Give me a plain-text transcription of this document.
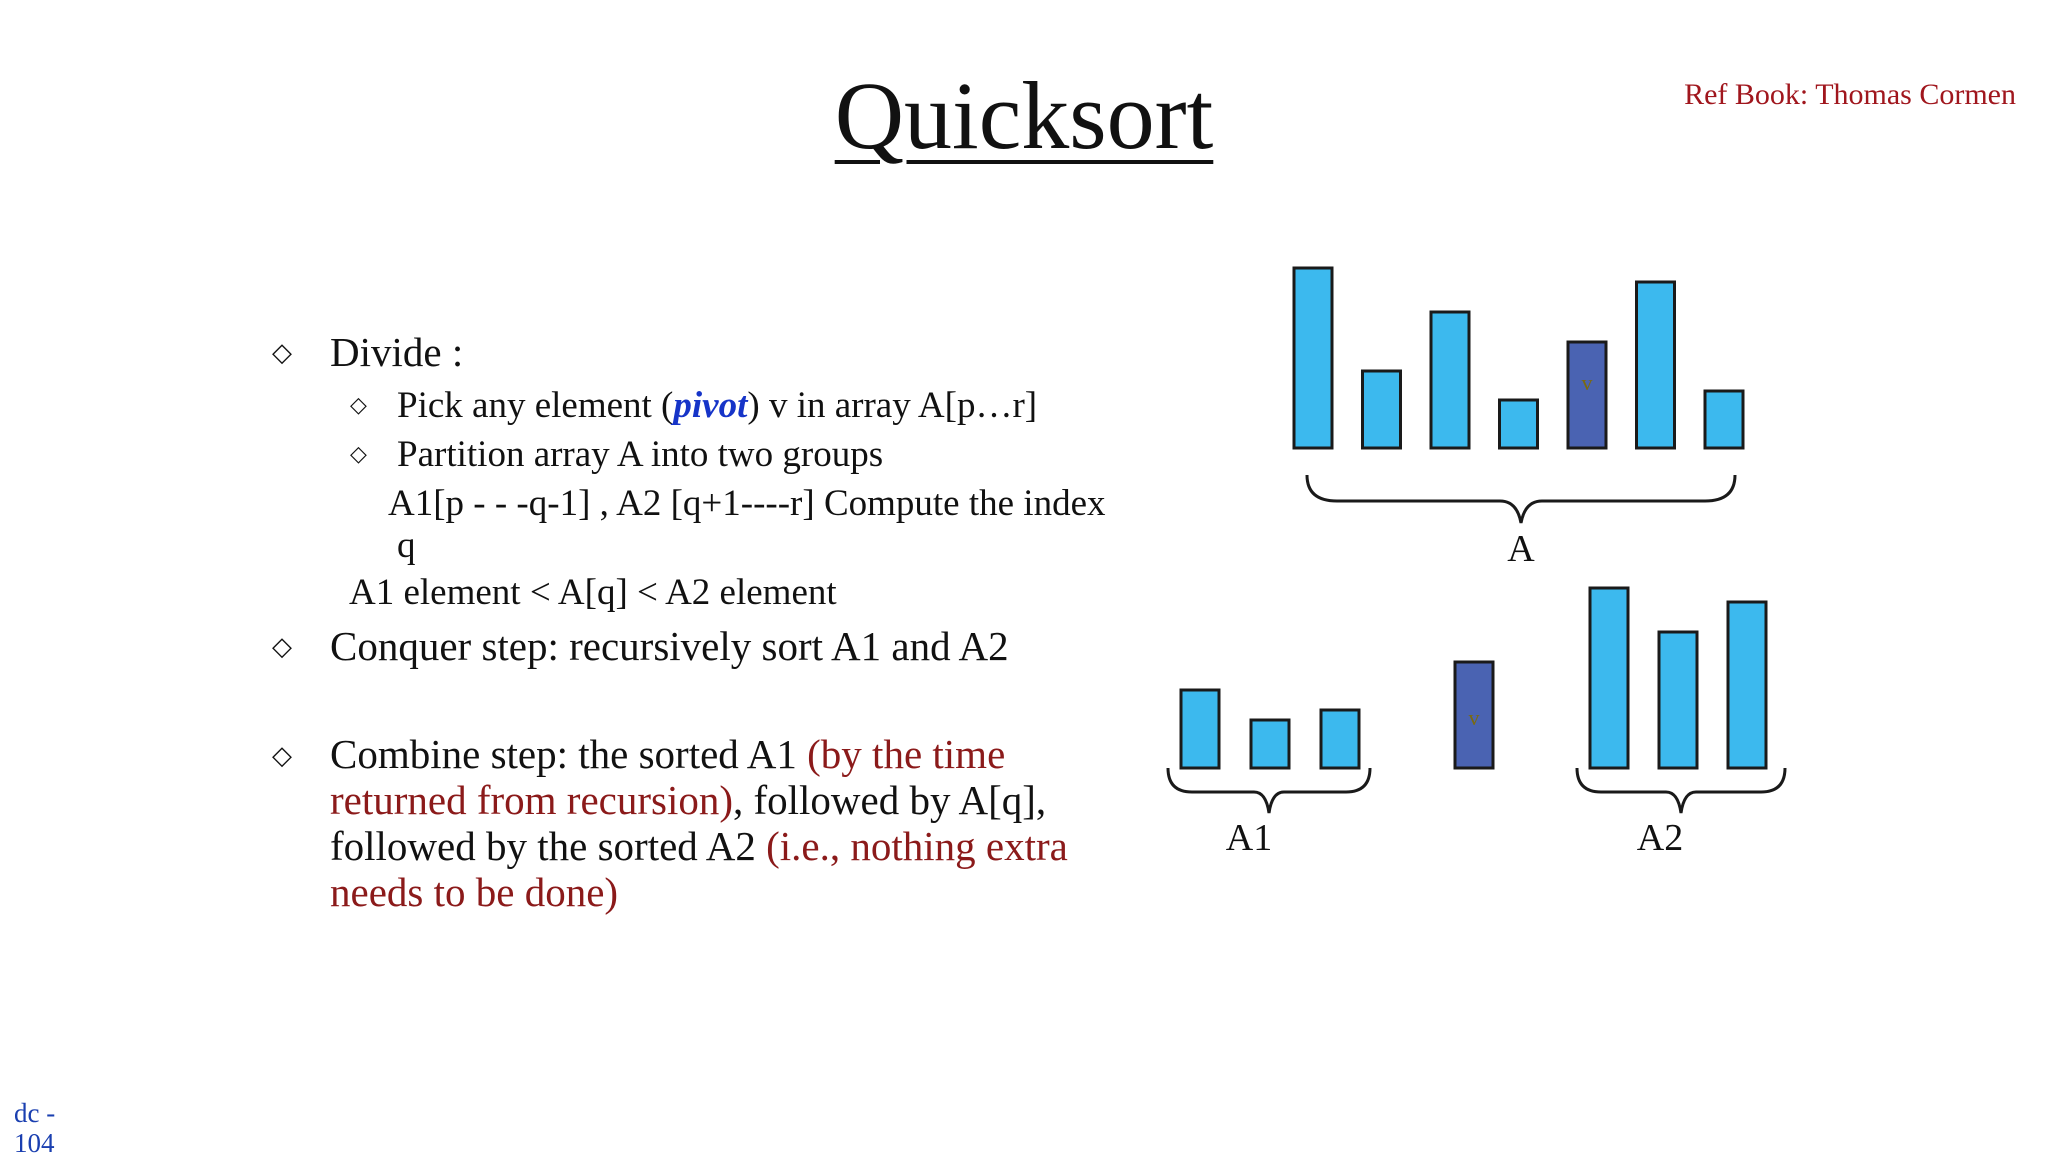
Quicksort	Ref Book: Thomas Cormen
◇ Divide :
◇ Pick any element (pivot) v in array A[p…r]
◇ Partition array A into two groups
A1[p - - -q-1] , A2 [q+1----r] Compute the index
q
A1 element < A[q] < A2 element
◇ Conquer step: recursively sort A1 and A2
◇ Combine step: the sorted A1 (by the time returned from recursion), followed by A[q], followed by the sorted A2 (i.e., nothing extra needs to be done)
dc -
104
v
v
A
A1	A2
